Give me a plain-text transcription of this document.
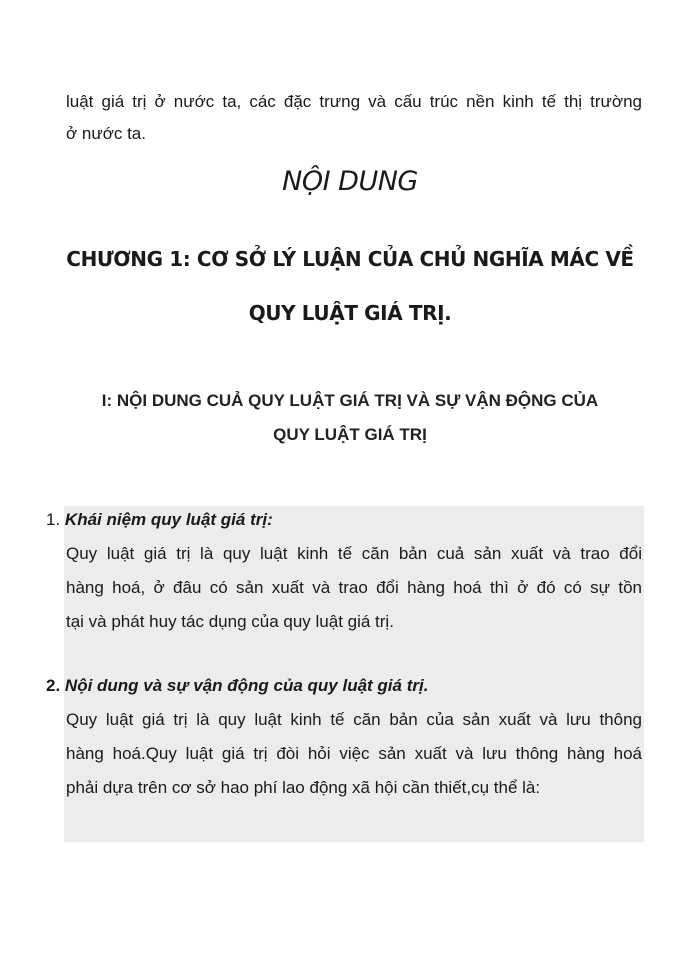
luật giá trị ở nước ta, các đặc trưng và cấu trúc nền kinh tế thị trường
ở nước ta.
NỘI DUNG
CHƯƠNG 1: CƠ SỞ LÝ LUẬN CỦA CHỦ NGHĨA MÁC VỀ
QUY LUẬT GIÁ TRỊ.
I: NỘI DUNG CUẢ QUY LUẬT GIÁ TRỊ VÀ SỰ VẬN ĐỘNG CỦA
QUY LUẬT GIÁ TRỊ
1. Khái niệm quy luật giá trị:
Quy luật giá trị là quy luật kinh tế căn bản cuả sản xuất và trao đổi
hàng hoá, ở đâu có sản xuất và trao đổi hàng hoá thì ở đó có sự tồn
tại và phát huy tác dụng của quy luật giá trị.
2. Nội dung và sự vận động của quy luật giá trị.
Quy luật giá trị là quy luật kinh tế căn bản của sản xuất và lưu thông
hàng hoá.Quy luật giá trị đòi hỏi việc sản xuất và lưu thông hàng hoá
phải dựa trên cơ sở hao phí lao động xã hội cần thiết,cụ thể là:
